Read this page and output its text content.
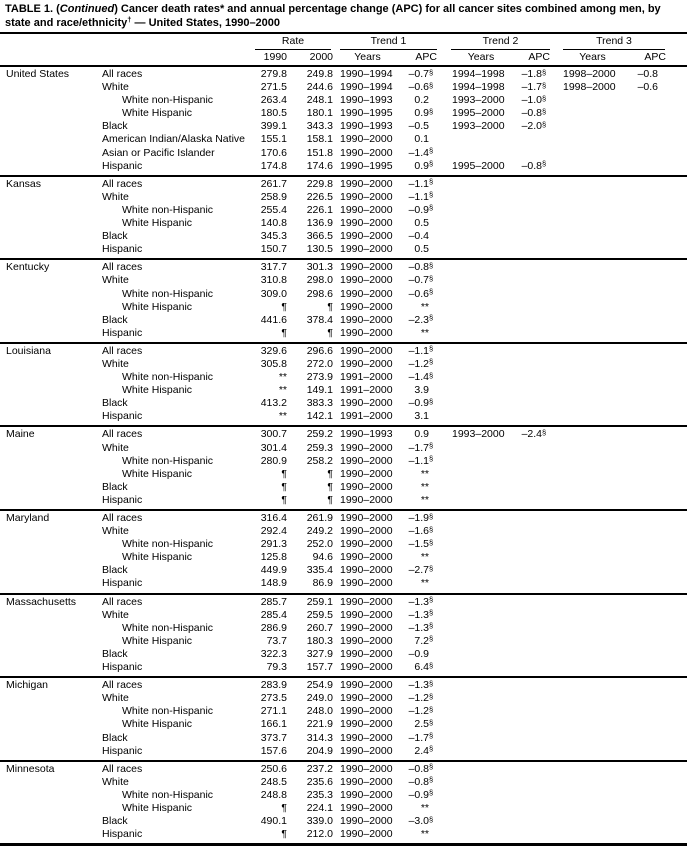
TABLE 1. (Continued) Cancer death rates* and annual percentage change (APC) for all cancer sites combined among men, by state and race/ethnicity† — United States, 1990–2000
Rate	Trend 1	Trend 2	Trend 3
1990	2000	Years	APC	Years	APC	Years	APC
United States	All races	279.8	249.8 1990–1994 –0.7 §	1994–1998	–1.8 §	1998–2000	–0.8
White	271.5	244.6 1990–1994 –0.6 §	1994–1998	–1.7 §	1998–2000	–0.6
White non-Hispanic	263.4	248.1 1990–1993 0.2	1993–2000	–1.0 §
White Hispanic	180.5	180.1 1990–1995 0.9 §	1995–2000	–0.8 §
Black	399.1	343.3 1990–1993 –0.5	1993–2000	–2.0 §
American Indian/Alaska Native	155.1	158.1 1990–2000 0.1
Asian or Pacific Islander	170.6	151.8 1990–2000 –1.4 §
Hispanic	174.8	174.6 1990–1995 0.9 §	1995–2000	–0.8 §
Kansas	All races	261.7	229.8 1990–2000 –1.1 §
White	258.9	226.5 1990–2000 –1.1 §
White non-Hispanic	255.4	226.1 1990–2000 –0.9 §
White Hispanic	140.8	136.9 1990–2000 0.5
Black	345.3	366.5 1990–2000 –0.4
Hispanic	150.7	130.5 1990–2000 0.5
Kentucky	All races	317.7	301.3 1990–2000 –0.8 §
White	310.8	298.0 1990–2000 –0.7 §
White non-Hispanic	309.0	298.6 1990–2000 –0.6 §
White Hispanic	¶	¶ 1990–2000	**
Black	441.6	378.4 1990–2000 –2.3 §
Hispanic	¶	¶ 1990–2000	**
Louisiana	All races	329.6	296.6 1990–2000 –1.1 §
White	305.8	272.0 1990–2000 –1.2 §
White non-Hispanic	**	273.9 1991–2000 –1.4 §
White Hispanic	**	149.1 1991–2000 3.9
Black	413.2	383.3 1990–2000 –0.9 §
Hispanic	**	142.1 1991–2000 3.1
Maine	All races	300.7	259.2 1990–1993 0.9	1993–2000	–2.4 §
White	301.4	259.3 1990–2000 –1.7 §
White non-Hispanic	280.9	258.2 1990–2000 –1.1 §
White Hispanic	¶	¶ 1990–2000	**
Black	¶	¶ 1990–2000	**
Hispanic	¶	¶ 1990–2000	**
Maryland	All races	316.4	261.9 1990–2000 –1.9 §
White	292.4	249.2 1990–2000 –1.6 §
White non-Hispanic	291.3	252.0 1990–2000 –1.5 §
White Hispanic	125.8	94.6 1990–2000	**
Black	449.9	335.4 1990–2000 –2.7 §
Hispanic	148.9	86.9 1990–2000	**
Massachusetts	All races	285.7	259.1 1990–2000 –1.3 §
White	285.4	259.5 1990–2000 –1.3 §
White non-Hispanic	286.9	260.7 1990–2000 –1.3 §
White Hispanic	73.7	180.3 1990–2000 7.2 §
Black	322.3	327.9 1990–2000 –0.9
Hispanic	79.3	157.7 1990–2000 6.4 §
Michigan	All races	283.9	254.9 1990–2000 –1.3 §
White	273.5	249.0 1990–2000 –1.2 §
White non-Hispanic	271.1	248.0 1990–2000 –1.2 §
White Hispanic	166.1	221.9 1990–2000 2.5 §
Black	373.7	314.3 1990–2000 –1.7 §
Hispanic	157.6	204.9 1990–2000 2.4 §
Minnesota	All races	250.6	237.2 1990–2000 –0.8 §
White	248.5	235.6 1990–2000 –0.8 §
White non-Hispanic	248.8	235.3 1990–2000 –0.9 §
White Hispanic	¶	224.1 1990–2000	**
Black	490.1	339.0 1990–2000 –3.0 §
Hispanic	¶	212.0 1990–2000	**
